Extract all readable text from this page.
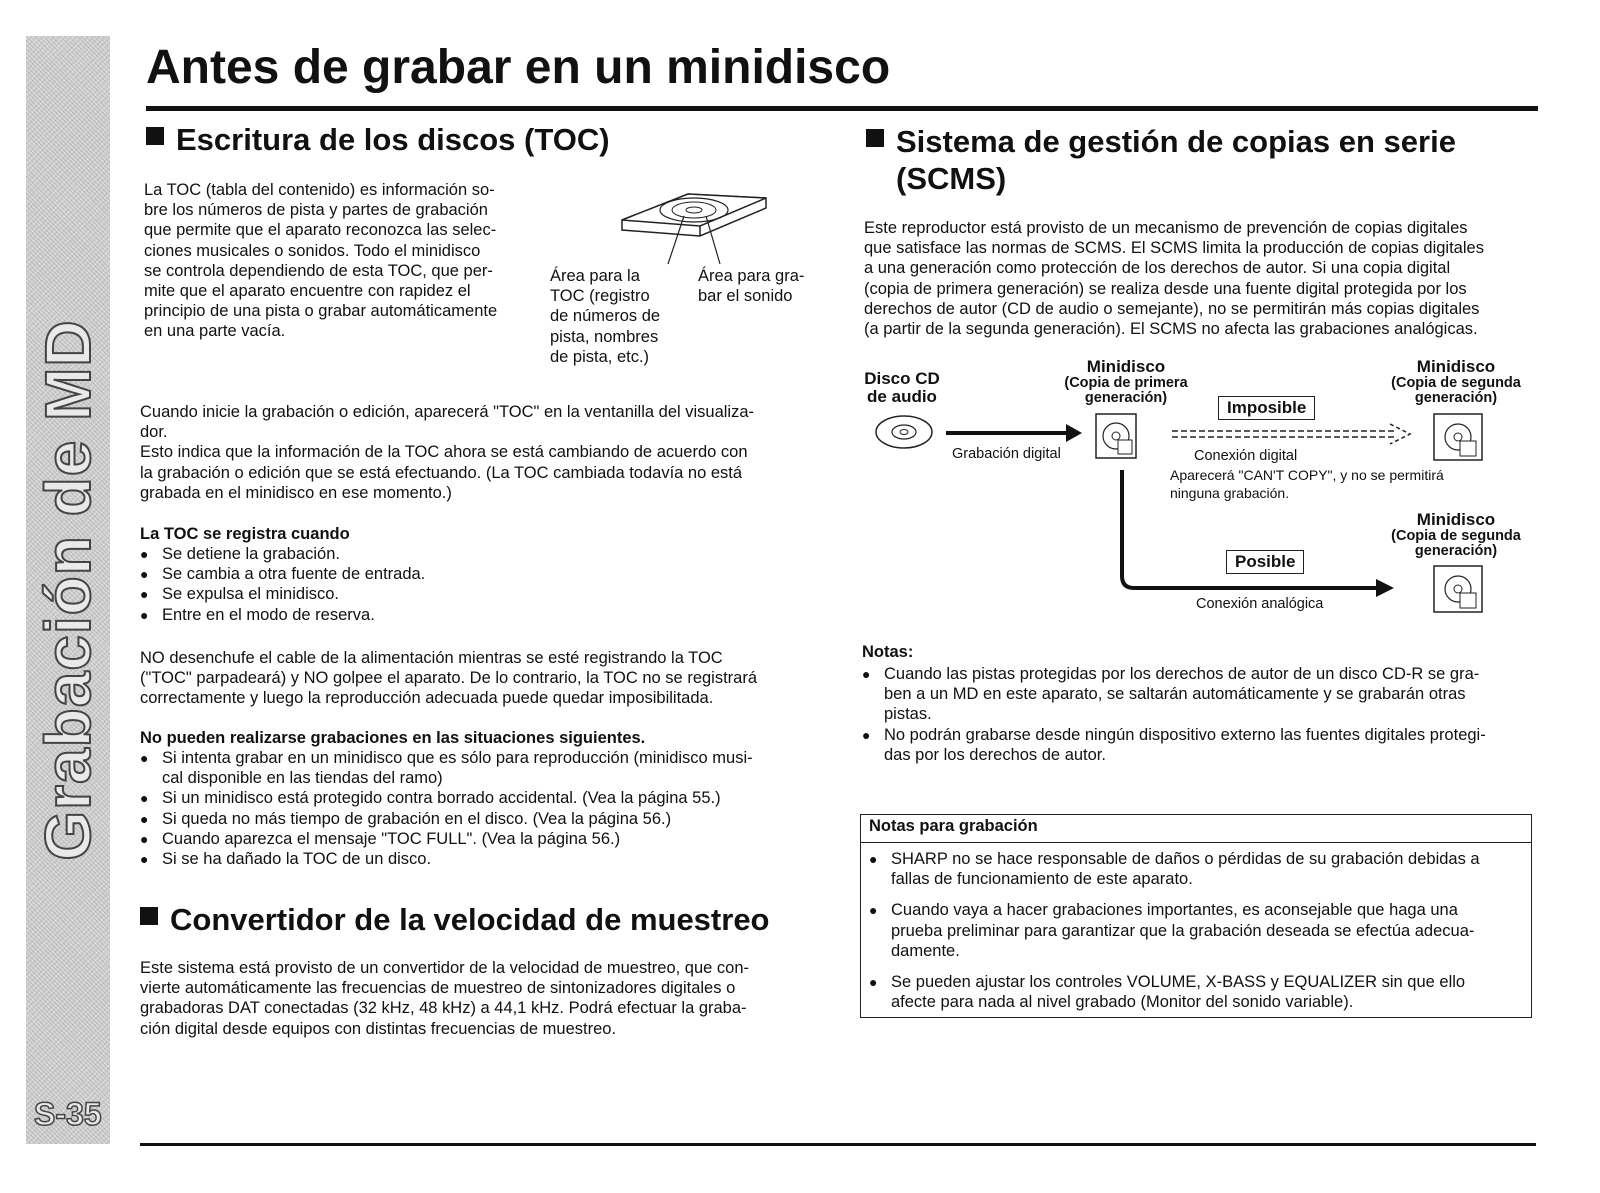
Grabación de MD
S-35
Antes de grabar en un minidisco
Escritura de los discos (TOC)
La TOC (tabla del contenido) es información so-
bre los números de pista y partes de grabación
que permite que el aparato reconozca las selec-
ciones musicales o sonidos. Todo el minidisco
se controla dependiendo de esta TOC, que per-
mite que el aparato encuentre con rapidez el
principio de una pista o grabar automáticamente
en una parte vacía.
Área para la
TOC (registro
de números de
pista, nombres
de pista, etc.)
Área para gra-
bar el sonido
Cuando inicie la grabación o edición, aparecerá "TOC" en la ventanilla del visualiza-
dor.
Esto indica que la información de la TOC ahora se está cambiando de acuerdo con
la grabación o edición que se está efectuando. (La TOC cambiada todavía no está
grabada en el minidisco en ese momento.)
La TOC se registra cuando
● Se detiene la grabación.
● Se cambia a otra fuente de entrada.
● Se expulsa el minidisco.
● Entre en el modo de reserva.
NO desenchufe el cable de la alimentación mientras se esté registrando la TOC
("TOC" parpadeará) y NO golpee el aparato. De lo contrario, la TOC no se registrará
correctamente y luego la reproducción adecuada puede quedar imposibilitada.
No pueden realizarse grabaciones en las situaciones siguientes.
● Si intenta grabar en un minidisco que es sólo para reproducción (minidisco musi-
cal disponible en las tiendas del ramo)
● Si un minidisco está protegido contra borrado accidental. (Vea la página 55.)
● Si queda no más tiempo de grabación en el disco. (Vea la página 56.)
● Cuando aparezca el mensaje "TOC FULL". (Vea la página 56.)
● Si se ha dañado la TOC de un disco.
Convertidor de la velocidad de muestreo
Este sistema está provisto de un convertidor de la velocidad de muestreo, que con-
vierte automáticamente las frecuencias de muestreo de sintonizadores digitales o
grabadoras DAT conectadas (32 kHz, 48 kHz) a 44,1 kHz. Podrá efectuar la graba-
ción digital desde equipos con distintas frecuencias de muestreo.
Sistema de gestión de copias en serie
(SCMS)
Este reproductor está provisto de un mecanismo de prevención de copias digitales
que satisface las normas de SCMS. El SCMS limita la producción de copias digitales
a una generación como protección de los derechos de autor. Si una copia digital
(copia de primera generación) se realiza desde una fuente digital protegida por los
derechos de autor (CD de audio o semejante), no se permitirán más copias digitales
(a partir de la segunda generación). El SCMS no afecta las grabaciones analógicas.
Disco CD
de audio
Minidisco
(Copia de primera
generación)
Minidisco
(Copia de segunda
generación)
Minidisco
(Copia de segunda
generación)
Grabación digital
Imposible
Conexión digital
Aparecerá "CAN'T COPY", y no se permitirá
ninguna grabación.
Posible
Conexión analógica
Notas:
● Cuando las pistas protegidas por los derechos de autor de un disco CD-R se gra-
ben a un MD en este aparato, se saltarán automáticamente y se grabarán otras
pistas.
● No podrán grabarse desde ningún dispositivo externo las fuentes digitales protegi-
das por los derechos de autor.
Notas para grabación
● SHARP no se hace responsable de daños o pérdidas de su grabación debidas a
fallas de funcionamiento de este aparato.
● Cuando vaya a hacer grabaciones importantes, es aconsejable que haga una
prueba preliminar para garantizar que la grabación deseada se efectúa adecua-
damente.
● Se pueden ajustar los controles VOLUME, X-BASS y EQUALIZER sin que ello
afecte para nada al nivel grabado (Monitor del sonido variable).
